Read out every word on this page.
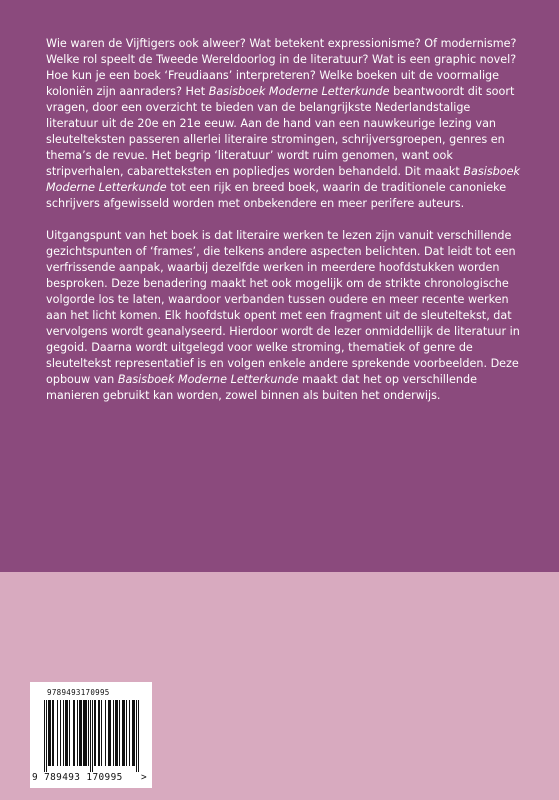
Wie waren de Vijftigers ook alweer? Wat betekent expressionisme? Of modernisme? Welke rol speelt de Tweede Wereldoorlog in de literatuur? Wat is een graphic novel? Hoe kun je een boek ‘Freudiaans’ interpreteren? Welke boeken uit de voormalige koloniën zijn aanraders? Het Basisboek Moderne Letterkunde beantwoordt dit soort vragen, door een overzicht te bieden van de belangrijkste Nederlandstalige literatuur uit de 20e en 21e eeuw. Aan de hand van een nauwkeurige lezing van sleutelteksten passeren allerlei literaire stromingen, schrijversgroepen, genres en thema’s de revue. Het begrip ‘literatuur’ wordt ruim genomen, want ook stripverhalen, cabaretteksten en popliedjes worden behandeld. Dit maakt Basisboek Moderne Letterkunde tot een rijk en breed boek, waarin de traditionele canonieke schrijvers afgewisseld worden met onbekendere en meer perifere auteurs.

Uitgangspunt van het boek is dat literaire werken te lezen zijn vanuit verschillende gezichtspunten of ‘frames’, die telkens andere aspecten belichten. Dat leidt tot een verfrissende aanpak, waarbij dezelfde werken in meerdere hoofdstukken worden besproken. Deze benadering maakt het ook mogelijk om de strikte chronologische volgorde los te laten, waardoor verbanden tussen oudere en meer recente werken aan het licht komen. Elk hoofdstuk opent met een fragment uit de sleuteltekst, dat vervolgens wordt geanalyseerd. Hierdoor wordt de lezer onmiddellijk de literatuur in gegoid. Daarna wordt uitgelegd voor welke stroming, thematiek of genre de sleuteltekst representatief is en volgen enkele andere sprekende voorbeelden. Deze opbouw van Basisboek Moderne Letterkunde maakt dat het op verschillende manieren gebruikt kan worden, zowel binnen als buiten het onderwijs.

9789493170995
9 789493 170995 >
